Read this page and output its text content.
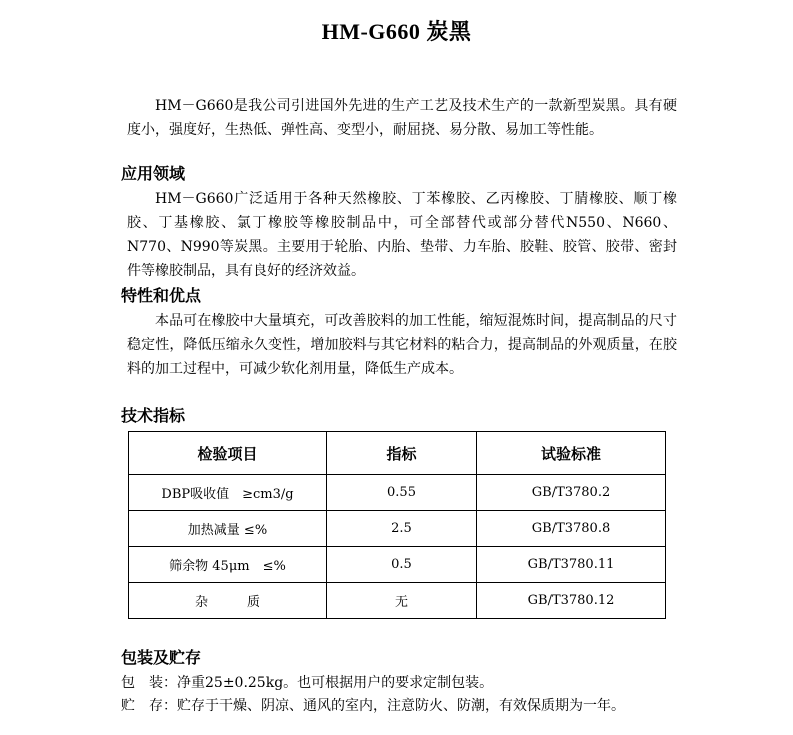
HM-G660 炭黑
HM－G660是我公司引进国外先进的生产工艺及技术生产的一款新型炭黑。具有硬度小，强度好，生热低、弹性高、变型小，耐屈挠、易分散、易加工等性能。
应用领域
HM－G660广泛适用于各种天然橡胶、丁苯橡胶、乙丙橡胶、丁腈橡胶、顺丁橡胶、丁基橡胶、氯丁橡胶等橡胶制品中，可全部替代或部分替代N550、N660、N770、N990等炭黑。主要用于轮胎、内胎、垫带、力车胎、胶鞋、胶管、胶带、密封件等橡胶制品，具有良好的经济效益。
特性和优点
本品可在橡胶中大量填充，可改善胶料的加工性能，缩短混炼时间，提高制品的尺寸稳定性，降低压缩永久变性，增加胶料与其它材料的粘合力，提高制品的外观质量，在胶料的加工过程中，可减少软化剂用量，降低生产成本。
技术指标
检验项目	指标	试验标准
DBP吸收值　≥cm3/g	0.55	GB/T3780.2
加热减量 ≤%	2.5	GB/T3780.8
筛余物 45μm　≤%	0.5	GB/T3780.11
杂　　　质	无	GB/T3780.12
包装及贮存
包　装：净重25±0.25kg。也可根据用户的要求定制包装。
贮　存：贮存于干燥、阴凉、通风的室内，注意防火、防潮，有效保质期为一年。
